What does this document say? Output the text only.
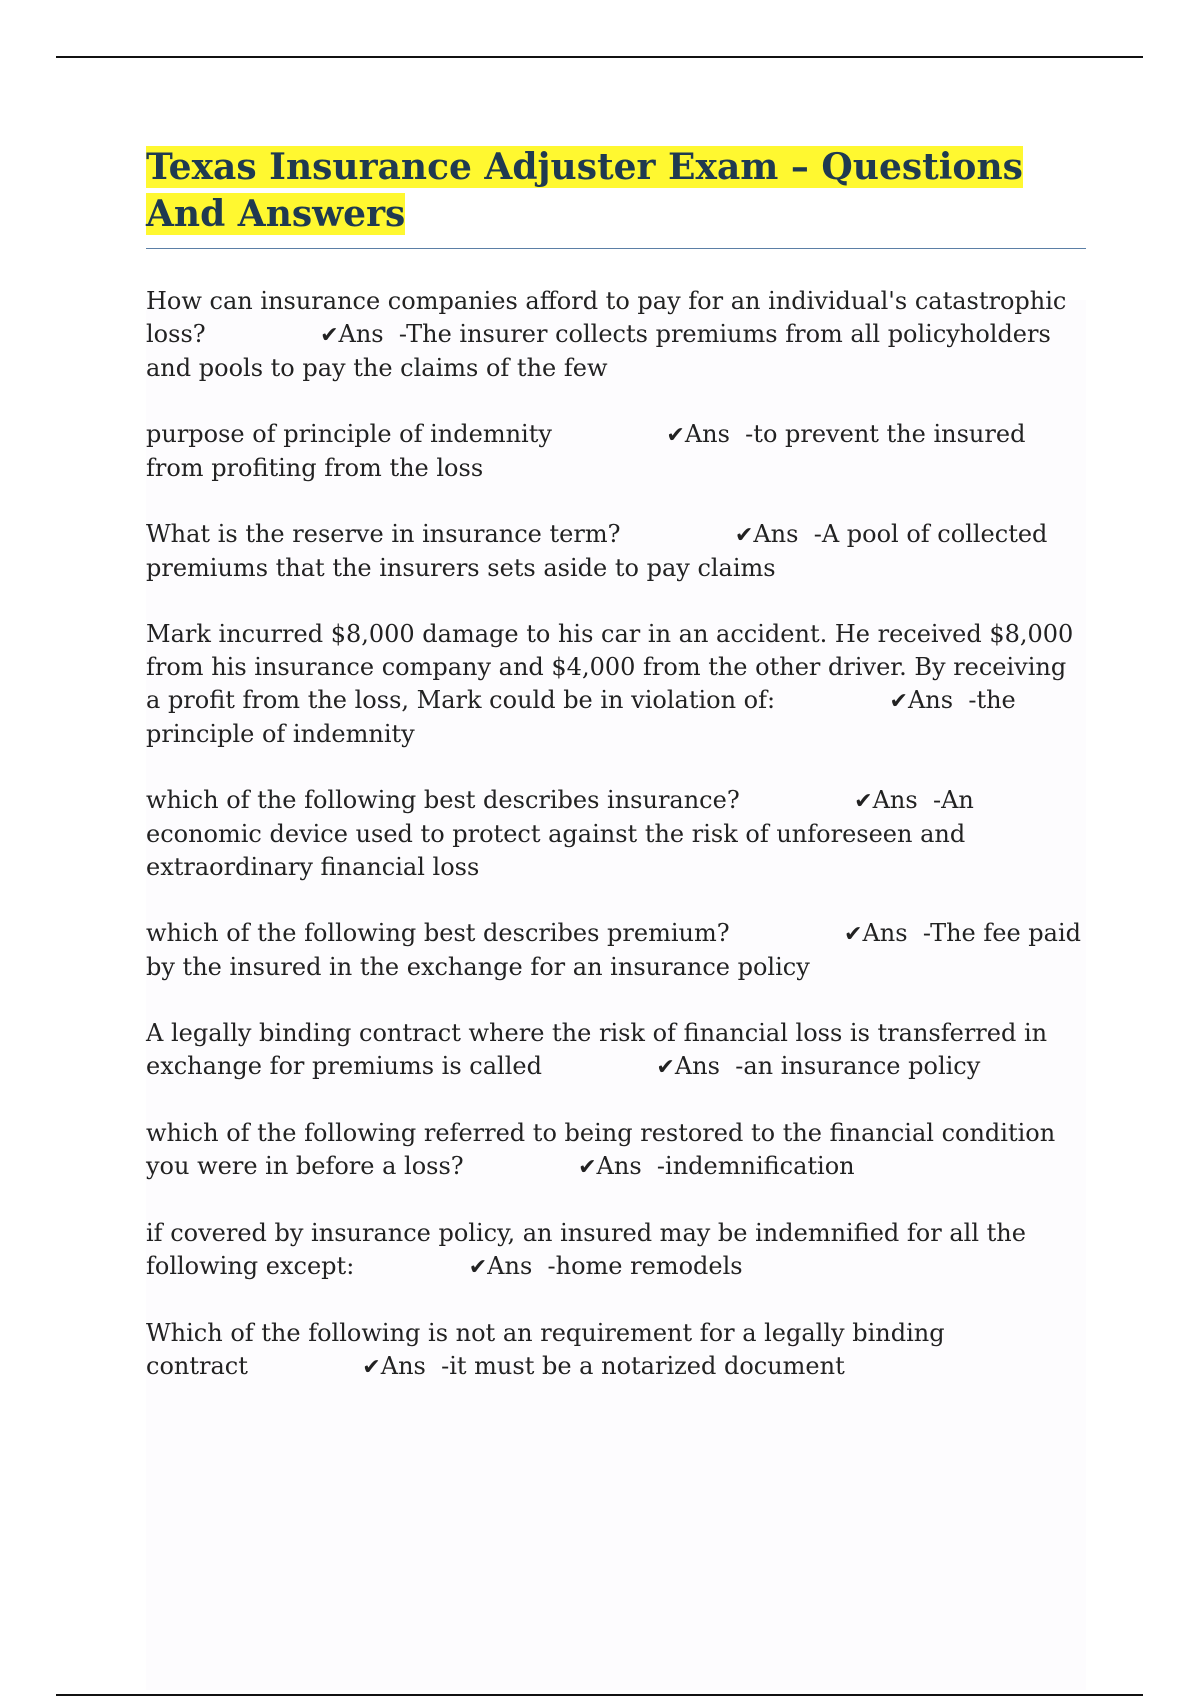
Texas Insurance Adjuster Exam – Questions And Answers

How can insurance companies afford to pay for an individual's catastrophic loss?	✔Ans  -The insurer collects premiums from all policyholders and pools to pay the claims of the few

purpose of principle of indemnity	✔Ans  -to prevent the insured from profiting from the loss

What is the reserve in insurance term?	✔Ans  -A pool of collected premiums that the insurers sets aside to pay claims

Mark incurred $8,000 damage to his car in an accident. He received $8,000 from his insurance company and $4,000 from the other driver. By receiving a profit from the loss, Mark could be in violation of:	✔Ans  -the principle of indemnity

which of the following best describes insurance?	✔Ans  -An economic device used to protect against the risk of unforeseen and extraordinary financial loss

which of the following best describes premium?	✔Ans  -The fee paid by the insured in the exchange for an insurance policy

A legally binding contract where the risk of financial loss is transferred in exchange for premiums is called	✔Ans  -an insurance policy

which of the following referred to being restored to the financial condition you were in before a loss?	✔Ans  -indemnification

if covered by insurance policy, an insured may be indemnified for all the following except:	✔Ans  -home remodels

Which of the following is not an requirement for a legally binding contract	✔Ans  -it must be a notarized document
